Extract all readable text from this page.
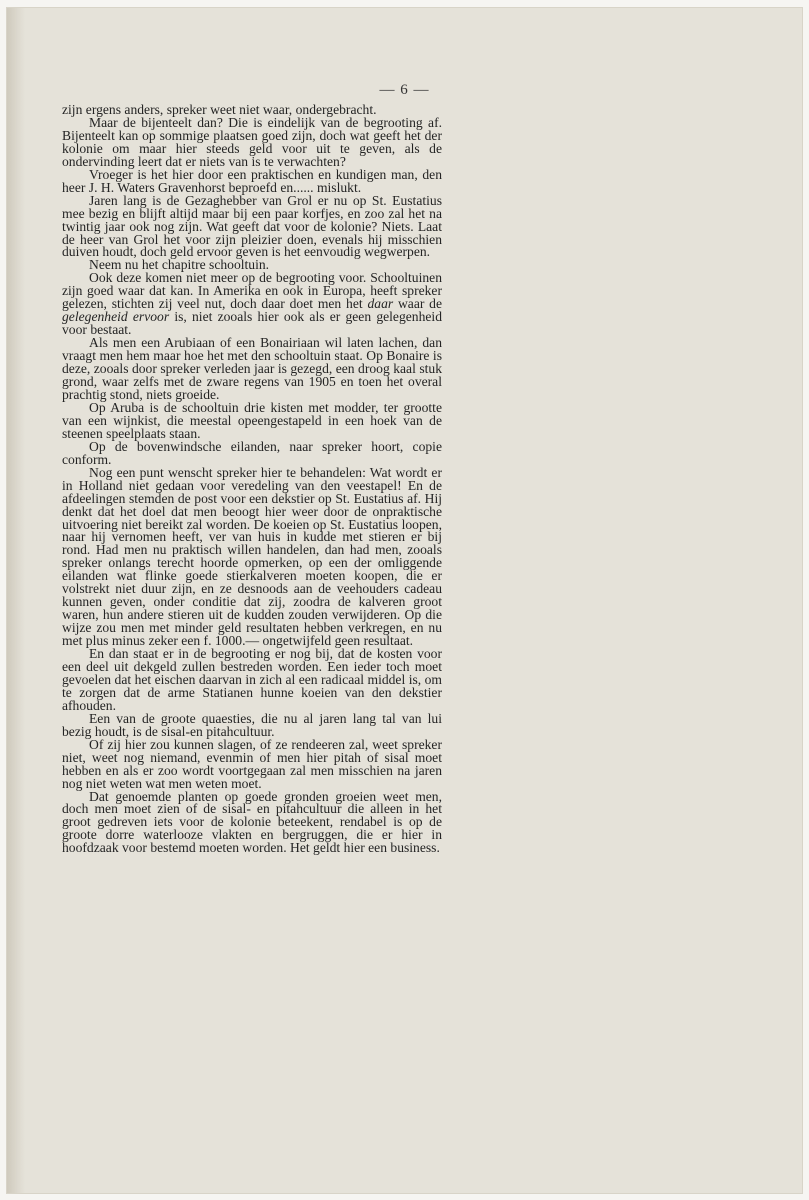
— 6 —

zijn ergens anders, spreker weet niet waar, ondergebracht.

Maar de bijenteelt dan? Die is eindelijk van de begrooting af. Bijenteelt kan op sommige plaatsen goed zijn, doch wat geeft het der kolonie om maar hier steeds geld voor uit te geven, als de ondervinding leert dat er niets van is te verwachten?

Vroeger is het hier door een praktischen en kundigen man, den heer J. H. Waters Gravenhorst beproefd en...... mislukt.

Jaren lang is de Gezaghebber van Grol er nu op St. Eustatius mee bezig en blijft altijd maar bij een paar korfjes, en zoo zal het na twintig jaar ook nog zijn. Wat geeft dat voor de kolonie? Niets. Laat de heer van Grol het voor zijn pleizier doen, evenals hij misschien duiven houdt, doch geld ervoor geven is het eenvoudig wegwerpen.

Neem nu het chapitre schooltuin.

Ook deze komen niet meer op de begrooting voor. Schooltuinen zijn goed waar dat kan. In Amerika en ook in Europa, heeft spreker gelezen, stichten zij veel nut, doch daar doet men het daar waar de gelegenheid ervoor is, niet zooals hier ook als er geen gelegenheid voor bestaat.

Als men een Arubiaan of een Bonairiaan wil laten lachen, dan vraagt men hem maar hoe het met den schooltuin staat. Op Bonaire is deze, zooals door spreker verleden jaar is gezegd, een droog kaal stuk grond, waar zelfs met de zware regens van 1905 en toen het overal prachtig stond, niets groeide.

Op Aruba is de schooltuin drie kisten met modder, ter grootte van een wijnkist, die meestal opeengestapeld in een hoek van de steenen speelplaats staan.

Op de bovenwindsche eilanden, naar spreker hoort, copie conform.

Nog een punt wenscht spreker hier te behandelen: Wat wordt er in Holland niet gedaan voor veredeling van den veestapel! En de afdeelingen stemden de post voor een dekstier op St. Eustatius af. Hij denkt dat het doel dat men beoogt hier weer door de onpraktische uitvoering niet bereikt zal worden. De koeien op St. Eustatius loopen, naar hij vernomen heeft, ver van huis in kudde met stieren er bij rond. Had men nu praktisch willen handelen, dan had men, zooals spreker onlangs terecht hoorde opmerken, op een der omliggende eilanden wat flinke goede stierkalveren moeten koopen, die er volstrekt niet duur zijn, en ze desnoods aan de veehouders cadeau kunnen geven, onder conditie dat zij, zoodra de kalveren groot waren, hun andere stieren uit de kudden zouden verwijderen. Op die wijze zou men met minder geld resultaten hebben verkregen, en nu met plus minus zeker een f. 1000.— ongetwijfeld geen resultaat.

En dan staat er in de begrooting er nog bij, dat de kosten voor een deel uit dekgeld zullen bestreden worden. Een ieder toch moet gevoelen dat het eischen daarvan in zich al een radicaal middel is, om te zorgen dat de arme Statianen hunne koeien van den dekstier afhouden.

Een van de groote quaesties, die nu al jaren lang tal van lui bezig houdt, is de sisal-en pitahcultuur.

Of zij hier zou kunnen slagen, of ze rendeeren zal, weet spreker niet, weet nog niemand, evenmin of men hier pitah of sisal moet hebben en als er zoo wordt voortgegaan zal men misschien na jaren nog niet weten wat men weten moet.

Dat genoemde planten op goede gronden groeien weet men, doch men moet zien of de sisal- en pitahcultuur die alleen in het groot gedreven iets voor de kolonie beteekent, rendabel is op de groote dorre waterlooze vlakten en bergruggen, die er hier in hoofdzaak voor bestemd moeten worden. Het geldt hier een business.
